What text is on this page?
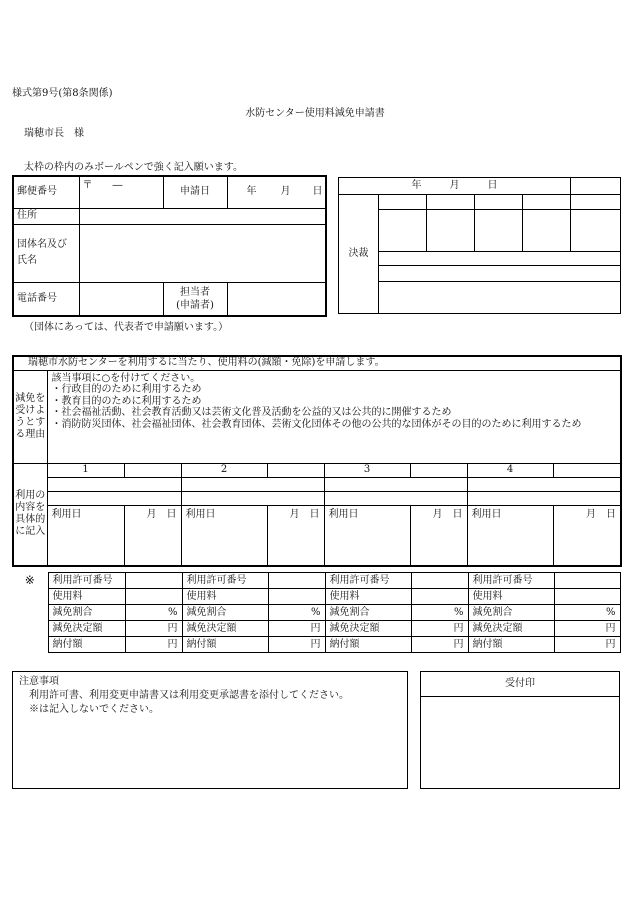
様式第9号(第8条関係)
水防センター使用料減免申請書
瑞穂市長　様
太枠の枠内のみボールペンで強く記入願います。
郵便番号	〒　　―	申請日	年 月 日
住所			
団体名及び氏名			
電話番号		担当者(申請者)	
年 月 日					
決裁					

（団体にあっては、代表者で申請願います。）
瑞穂市水防センターを利用するに当たり、使用料の(減額・免除)を申請します。								
減免を受けようとする理由	該当事項に○を付けてください。
・行政目的のために利用するため
・教育目的のために利用するため
・社会福祉活動、社会教育活動又は芸術文化普及活動を公益的又は公共的に開催するため
・消防防災団体、社会福祉団体、社会教育団体、芸術文化団体その他の公共的な団体がその目的のために利用するため							

利用の内容を具体的に記入	1		2		3		4	

	利用日	月　 日	利用日	月　 日	利用日	月　 日	利用日	月　 日
※	利用許可番号		利用許可番号		利用許可番号		利用許可番号	
	使用料		使用料		使用料		使用料	
	減免割合	%	減免割合	%	減免割合	%	減免割合	%
	減免決定額	円	減免決定額	円	減免決定額	円	減免決定額	円
	納付額	円	納付額	円	納付額	円	納付額	円
注意事項
利用許可書、利用変更申請書又は利用変更承認書を添付してください。
※は記入しないでください。
受付印
